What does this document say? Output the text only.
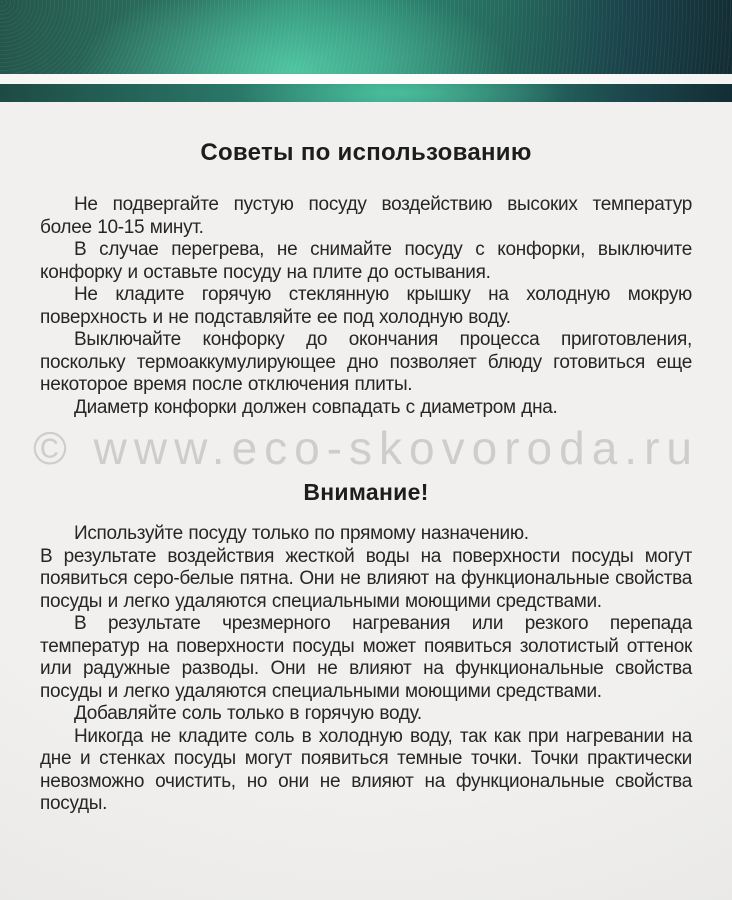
Советы по использованию

Не подвергайте пустую посуду воздействию высоких температур более 10-15 минут.

В случае перегрева, не снимайте посуду с конфорки, выключите конфорку и оставьте посуду на плите до остывания.

Не кладите горячую стеклянную крышку на холодную мокрую поверхность и не подставляйте ее под холодную воду.

Выключайте конфорку до окончания процесса приготовления, поскольку термоаккумулирующее дно позволяет блюду готовиться еще некоторое время после отключения плиты.

Диаметр конфорки должен совпадать с диаметром дна.

Внимание!

Используйте посуду только по прямому назначению.

В результате воздействия жесткой воды на поверхности посуды могут появиться серо-белые пятна. Они не влияют на функциональные свойства посуды и легко удаляются специальными моющими средствами.

В результате чрезмерного нагревания или резкого перепада температур на поверхности посуды может появиться золотистый оттенок или радужные разводы. Они не влияют на функциональные свойства посуды и легко удаляются специальными моющими средствами.

Добавляйте соль только в горячую воду.

Никогда не кладите соль в холодную воду, так как при нагревании на дне и стенках посуды могут появиться темные точки. Точки практически невозможно очистить, но они не влияют на функциональные свойства посуды.

© www.eco-skovoroda.ru
